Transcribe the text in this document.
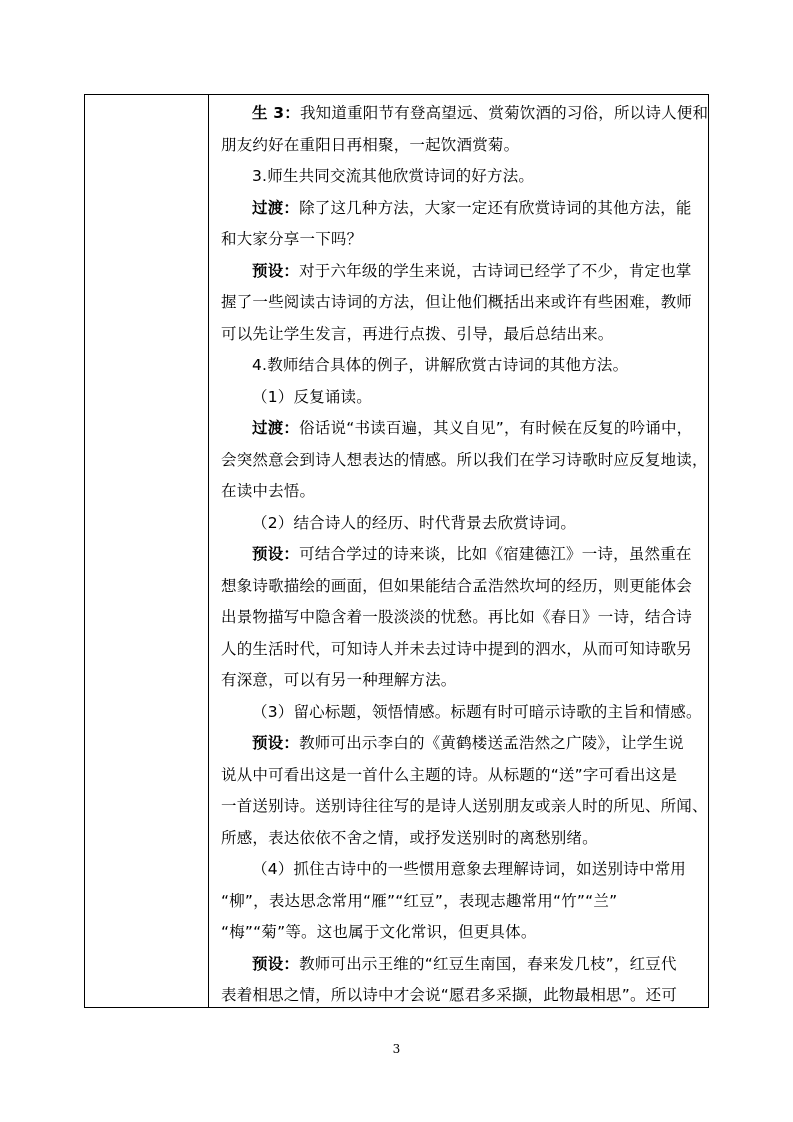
生 3：我知道重阳节有登高望远、赏菊饮酒的习俗，所以诗人便和
朋友约好在重阳日再相聚，一起饮酒赏菊。
3.师生共同交流其他欣赏诗词的好方法。
过渡：除了这几种方法，大家一定还有欣赏诗词的其他方法，能
和大家分享一下吗？
预设：对于六年级的学生来说，古诗词已经学了不少，肯定也掌
握了一些阅读古诗词的方法，但让他们概括出来或许有些困难，教师
可以先让学生发言，再进行点拨、引导，最后总结出来。
4.教师结合具体的例子，讲解欣赏古诗词的其他方法。
（1）反复诵读。
过渡：俗话说“书读百遍，其义自见”，有时候在反复的吟诵中，
会突然意会到诗人想表达的情感。所以我们在学习诗歌时应反复地读，
在读中去悟。
（2）结合诗人的经历、时代背景去欣赏诗词。
预设：可结合学过的诗来谈，比如《宿建德江》一诗，虽然重在
想象诗歌描绘的画面，但如果能结合孟浩然坎坷的经历，则更能体会
出景物描写中隐含着一股淡淡的忧愁。再比如《春日》一诗，结合诗
人的生活时代，可知诗人并未去过诗中提到的泗水，从而可知诗歌另
有深意，可以有另一种理解方法。
（3）留心标题，领悟情感。标题有时可暗示诗歌的主旨和情感。
预设：教师可出示李白的《黄鹤楼送孟浩然之广陵》，让学生说
说从中可看出这是一首什么主题的诗。从标题的“送”字可看出这是
一首送别诗。送别诗往往写的是诗人送别朋友或亲人时的所见、所闻、
所感，表达依依不舍之情，或抒发送别时的离愁别绪。
（4）抓住古诗中的一些惯用意象去理解诗词，如送别诗中常用
“柳”，表达思念常用“雁”“红豆”，表现志趣常用“竹”“兰”
“梅”“菊”等。这也属于文化常识，但更具体。
预设：教师可出示王维的“红豆生南国，春来发几枝”，红豆代
表着相思之情，所以诗中才会说“愿君多采撷，此物最相思”。还可
3
